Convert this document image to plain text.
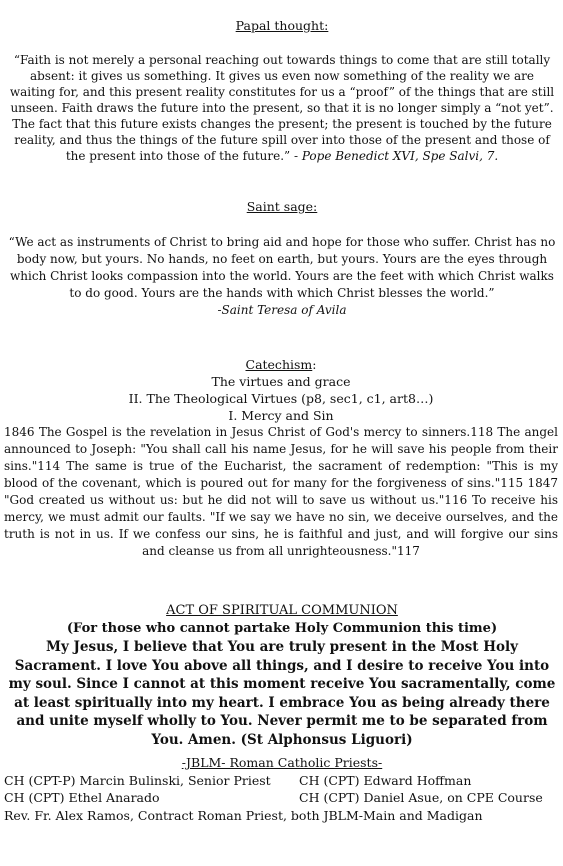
Papal thought:

“Faith is not merely a personal reaching out towards things to come that are still totally absent: it gives us something. It gives us even now something of the reality we are waiting for, and this present reality constitutes for us a “proof” of the things that are still unseen. Faith draws the future into the present, so that it is no longer simply a “not yet”. The fact that this future exists changes the present; the present is touched by the future reality, and thus the things of the future spill over into those of the present and those of the present into those of the future.” - Pope Benedict XVI, Spe Salvi, 7.

Saint sage:

“We act as instruments of Christ to bring aid and hope for those who suffer. Christ has no body now, but yours. No hands, no feet on earth, but yours. Yours are the eyes through which Christ looks compassion into the world. Yours are the feet with which Christ walks to do good. Yours are the hands with which Christ blesses the world.”
-Saint Teresa of Avila

Catechism:
The virtues and grace
II. The Theological Virtues (p8, sec1, c1, art8…)
I. Mercy and Sin
1846 The Gospel is the revelation in Jesus Christ of God's mercy to sinners.118 The angel announced to Joseph: "You shall call his name Jesus, for he will save his people from their sins."114 The same is true of the Eucharist, the sacrament of redemption: "This is my blood of the covenant, which is poured out for many for the forgiveness of sins."115 1847 "God created us without us: but he did not will to save us without us."116 To receive his mercy, we must admit our faults. "If we say we have no sin, we deceive ourselves, and the truth is not in us. If we confess our sins, he is faithful and just, and will forgive our sins and cleanse us from all unrighteousness."117
ACT OF SPIRITUAL COMMUNION
(For those who cannot partake Holy Communion this time)
My Jesus, I believe that You are truly present in the Most Holy Sacrament. I love You above all things, and I desire to receive You into my soul. Since I cannot at this moment receive You sacramentally, come at least spiritually into my heart. I embrace You as being already there and unite myself wholly to You. Never permit me to be separated from You. Amen. (St Alphonsus Liguori)
-JBLM- Roman Catholic Priests-
CH (CPT-P) Marcin Bulinski, Senior Priest CH (CPT) Edward Hoffman
CH (CPT) Ethel Anarado	CH (CPT) Daniel Asue, on CPE Course
Rev. Fr. Alex Ramos, Contract Roman Priest, both JBLM-Main and Madigan
